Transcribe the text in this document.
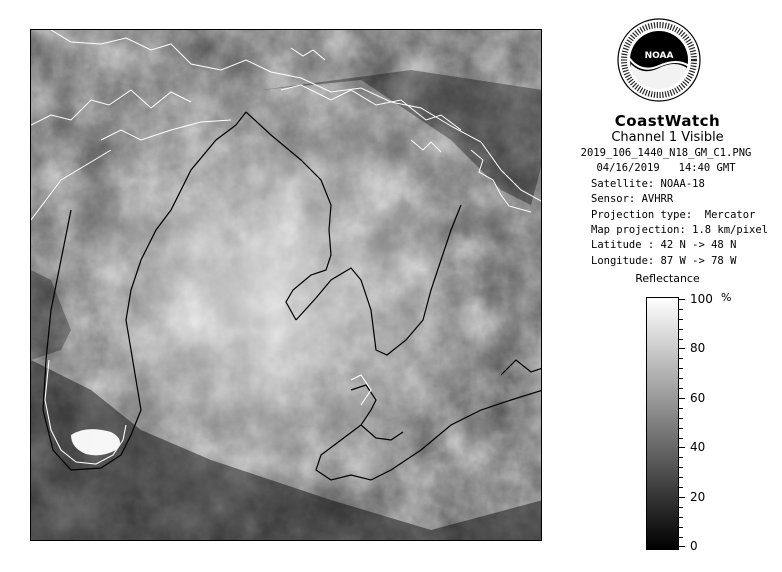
NOAA
CoastWatch
Channel 1 Visible
2019_106_1440_N18_GM_C1.PNG
04/16/2019   14:40 GMT
Satellite: NOAA-18
Sensor: AVHRR
Projection type:  Mercator
Map projection: 1.8 km/pixel
Latitude : 42 N -> 48 N
Longitude: 87 W -> 78 W
Reflectance
%
100
80
60
40
20
0
